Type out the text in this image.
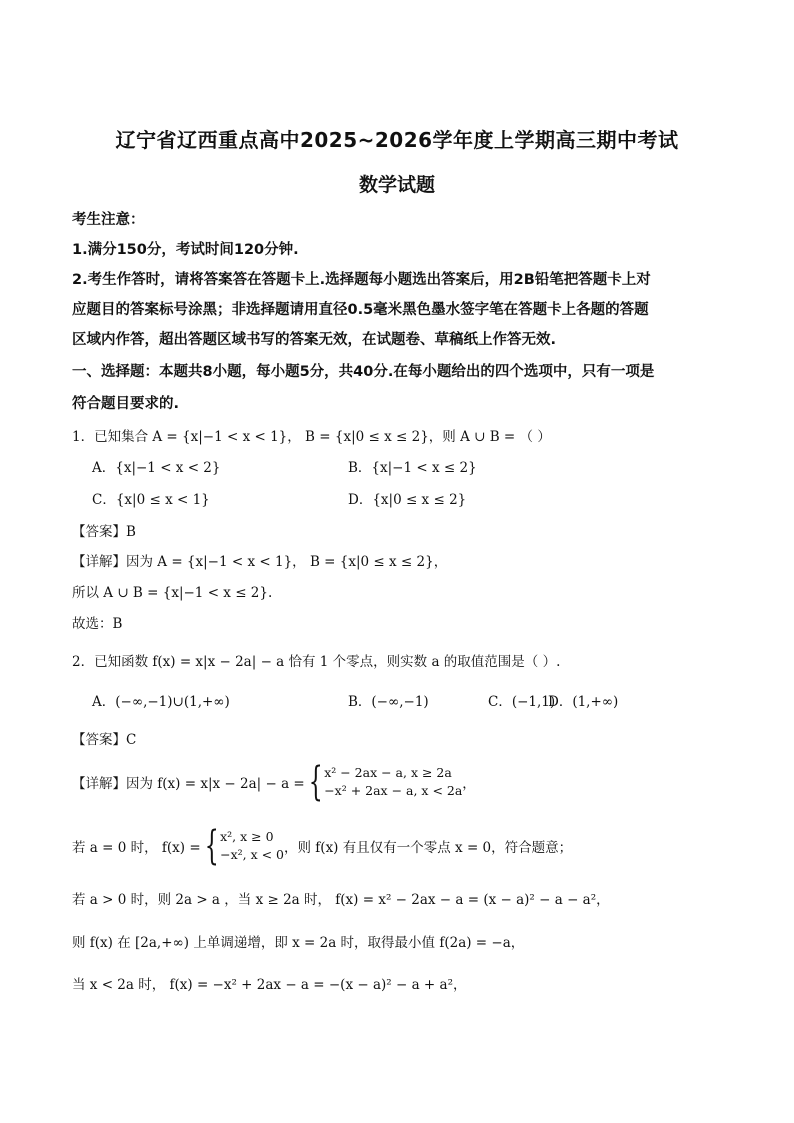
辽宁省辽西重点高中2025~2026学年度上学期高三期中考试
数学试题
考生注意：
1.满分150分，考试时间120分钟.
2.考生作答时，请将答案答在答题卡上.选择题每小题选出答案后，用2B铅笔把答题卡上对
应题目的答案标号涂黑；非选择题请用直径0.5毫米黑色墨水签字笔在答题卡上各题的答题
区域内作答，超出答题区域书写的答案无效，在试题卷、草稿纸上作答无效.
一、选择题：本题共8小题，每小题5分，共40分.在每小题给出的四个选项中，只有一项是
符合题目要求的.
1．已知集合 A = {x|−1 < x < 1}， B = {x|0 ≤ x ≤ 2}，则 A ∪ B = （ ）
A．{x|−1 < x < 2}	B．{x|−1 < x ≤ 2}
C．{x|0 ≤ x < 1}	D．{x|0 ≤ x ≤ 2}
【答案】B
【详解】因为 A = {x|−1 < x < 1}， B = {x|0 ≤ x ≤ 2}，
所以 A ∪ B = {x|−1 < x ≤ 2}.
故选：B
2．已知函数 f(x) = x|x − 2a| − a 恰有 1 个零点，则实数 a 的取值范围是（ ）.
A．(−∞,−1)∪(1,+∞)	B．(−∞,−1)	C．(−1,1)
D．(1,+∞)
【答案】C
【详解】因为 f(x) = x|x − 2a| − a = { x² − 2ax − a, x ≥ 2a
−x² + 2ax − a, x < 2a ，
若 a = 0 时， f(x) = { x², x ≥ 0
−x², x < 0 ，则 f(x) 有且仅有一个零点 x = 0，符合题意；
若 a > 0 时，则 2a > a ，当 x ≥ 2a 时， f(x) = x² − 2ax − a = (x − a)² − a − a²，
则 f(x) 在 [2a,+∞) 上单调递增，即 x = 2a 时，取得最小值 f(2a) = −a，
当 x < 2a 时， f(x) = −x² + 2ax − a = −(x − a)² − a + a²，
